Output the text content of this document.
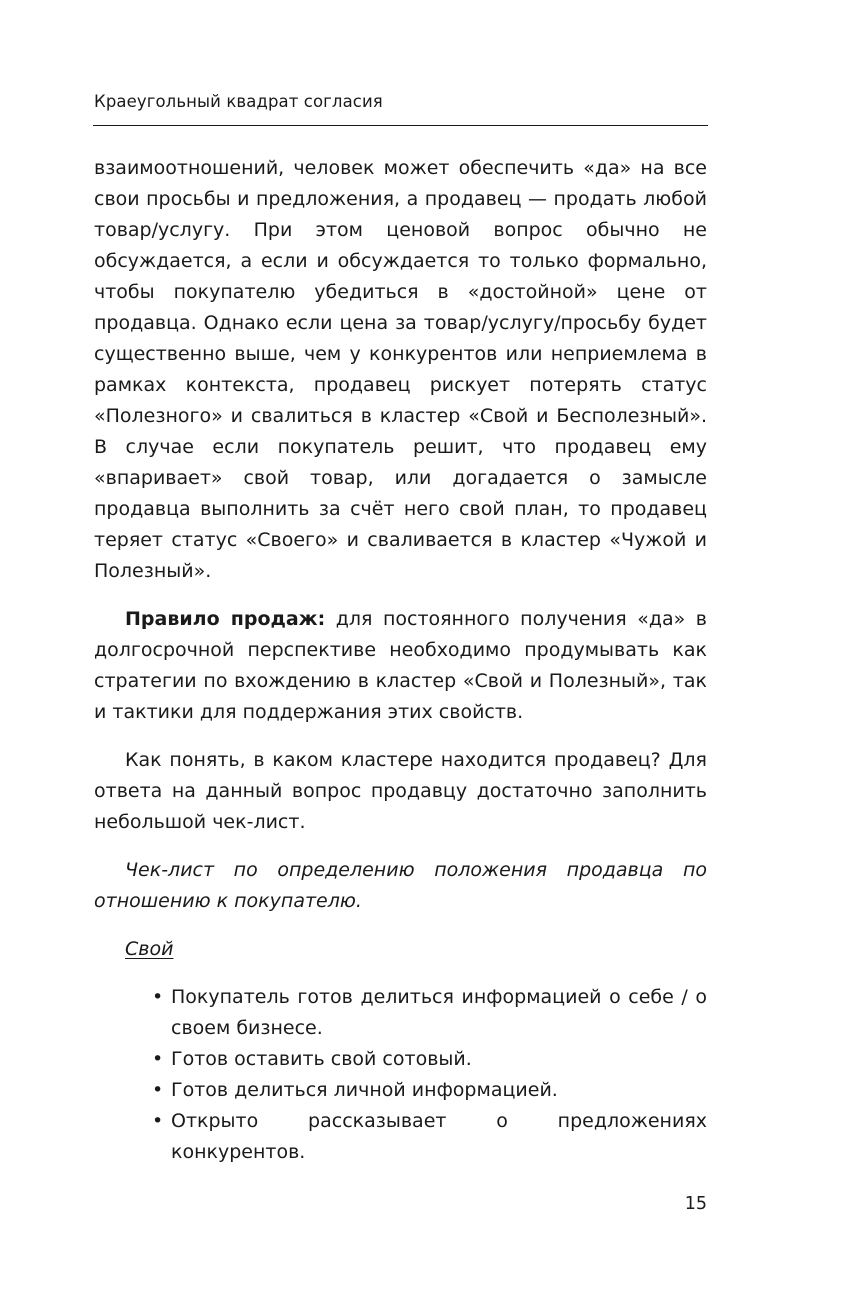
Краеугольный квадрат согласия

взаимоотношений, человек может обеспечить «да» на все свои просьбы и предложения, а продавец — продать любой товар/услугу. При этом ценовой вопрос обычно не обсуждается, а если и обсуждается то только формально, чтобы покупателю убедиться в «достойной» цене от продавца. Однако если цена за товар/услугу/просьбу будет существенно выше, чем у конкурентов или неприемлема в рамках контекста, продавец рискует потерять статус «Полезного» и свалиться в кластер «Свой и Бесполезный». В случае если покупатель решит, что продавец ему «впаривает» свой товар, или догадается о замысле продавца выполнить за счёт него свой план, то продавец теряет статус «Своего» и сваливается в кластер «Чужой и Полезный».

Правило продаж: для постоянного получения «да» в долгосрочной перспективе необходимо продумывать как стратегии по вхождению в кластер «Свой и Полезный», так и тактики для поддержания этих свойств.

Как понять, в каком кластере находится продавец? Для ответа на данный вопрос продавцу достаточно заполнить небольшой чек-лист.

Чек-лист по определению положения продавца по отношению к покупателю.

Свой

• Покупатель готов делиться информацией о себе / о своем бизнесе.
• Готов оставить свой сотовый.
• Готов делиться личной информацией.
• Открыто рассказывает о предложениях конкурентов.
15
